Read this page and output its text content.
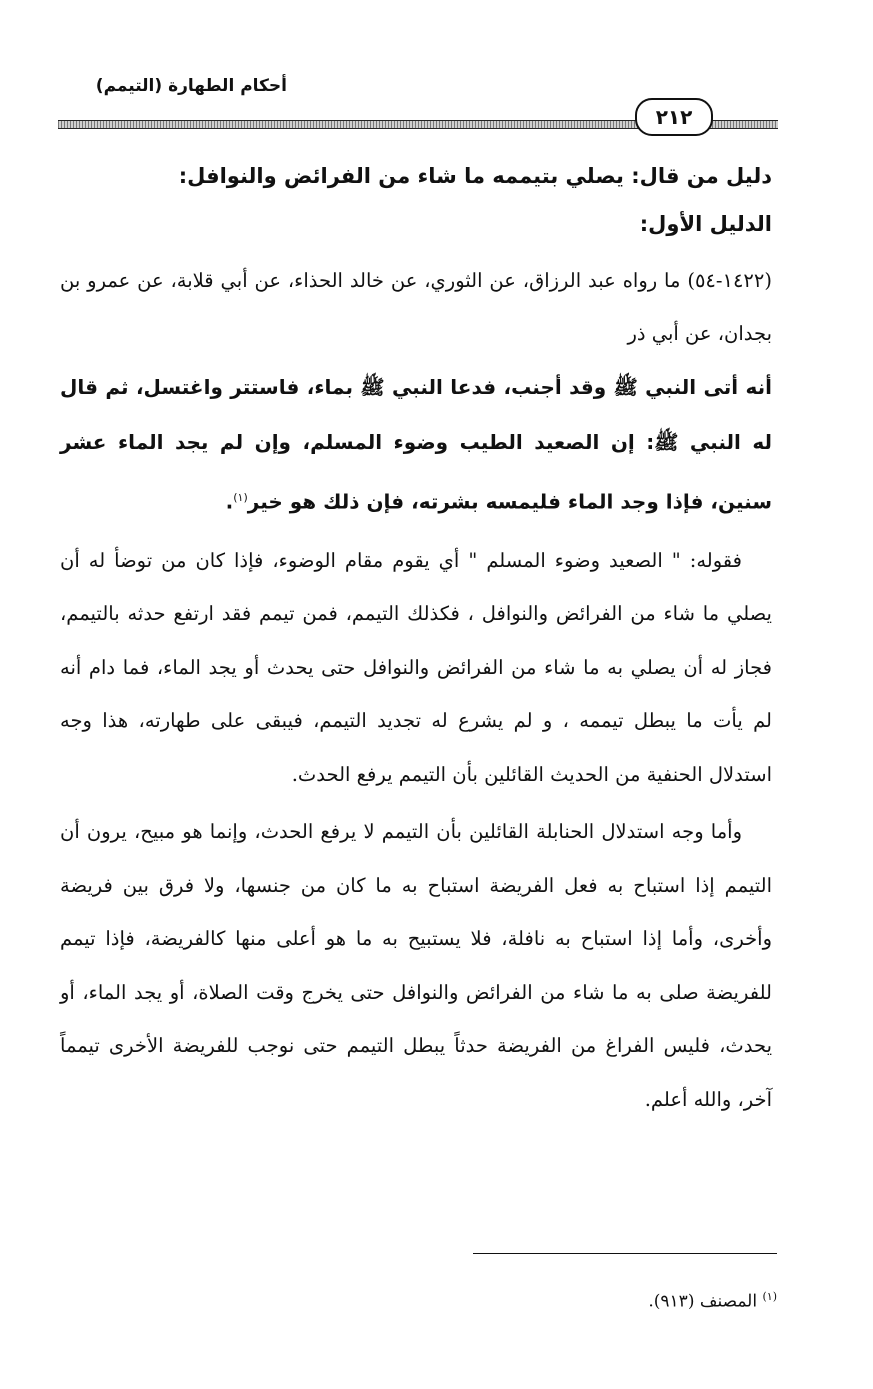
أحكام الطهارة (التيمم)
٢١٢

دليل من قال: يصلي بتيممه ما شاء من الفرائض والنوافل:

الدليل الأول:

(١٤٢٢-٥٤) ما رواه عبد الرزاق، عن الثوري، عن خالد الحذاء، عن أبي قلابة، عن عمرو بن بجدان، عن أبي ذر

أنه أتى النبي ﷺ وقد أجنب، فدعا النبي ﷺ بماء، فاستتر واغتسل، ثم قال له النبي ﷺ: إن الصعيد الطيب وضوء المسلم، وإن لم يجد الماء عشر سنين، فإذا وجد الماء فليمسه بشرته، فإن ذلك هو خير$^{(١)}$.

فقوله: " الصعيد وضوء المسلم " أي يقوم مقام الوضوء، فإذا كان من توضأ له أن يصلي ما شاء من الفرائض والنوافل ، فكذلك التيمم، فمن تيمم فقد ارتفع حدثه بالتيمم، فجاز له أن يصلي به ما شاء من الفرائض والنوافل حتى يحدث أو يجد الماء، فما دام أنه لم يأت ما يبطل تيممه ، و لم يشرع له تجديد التيمم، فيبقى على طهارته، هذا وجه استدلال الحنفية من الحديث القائلين بأن التيمم يرفع الحدث.

وأما وجه استدلال الحنابلة القائلين بأن التيمم لا يرفع الحدث، وإنما هو مبيح، يرون أن التيمم إذا استباح به فعل الفريضة استباح به ما كان من جنسها، ولا فرق بين فريضة وأخرى، وأما إذا استباح به نافلة، فلا يستبيح به ما هو أعلى منها كالفريضة، فإذا تيمم للفريضة صلى به ما شاء من الفرائض والنوافل حتى يخرج وقت الصلاة، أو يجد الماء، أو يحدث، فليس الفراغ من الفريضة حدثاً يبطل التيمم حتى نوجب للفريضة الأخرى تيمماً آخر، والله أعلم.

$^{(١)}$ المصنف (٩١٣).
